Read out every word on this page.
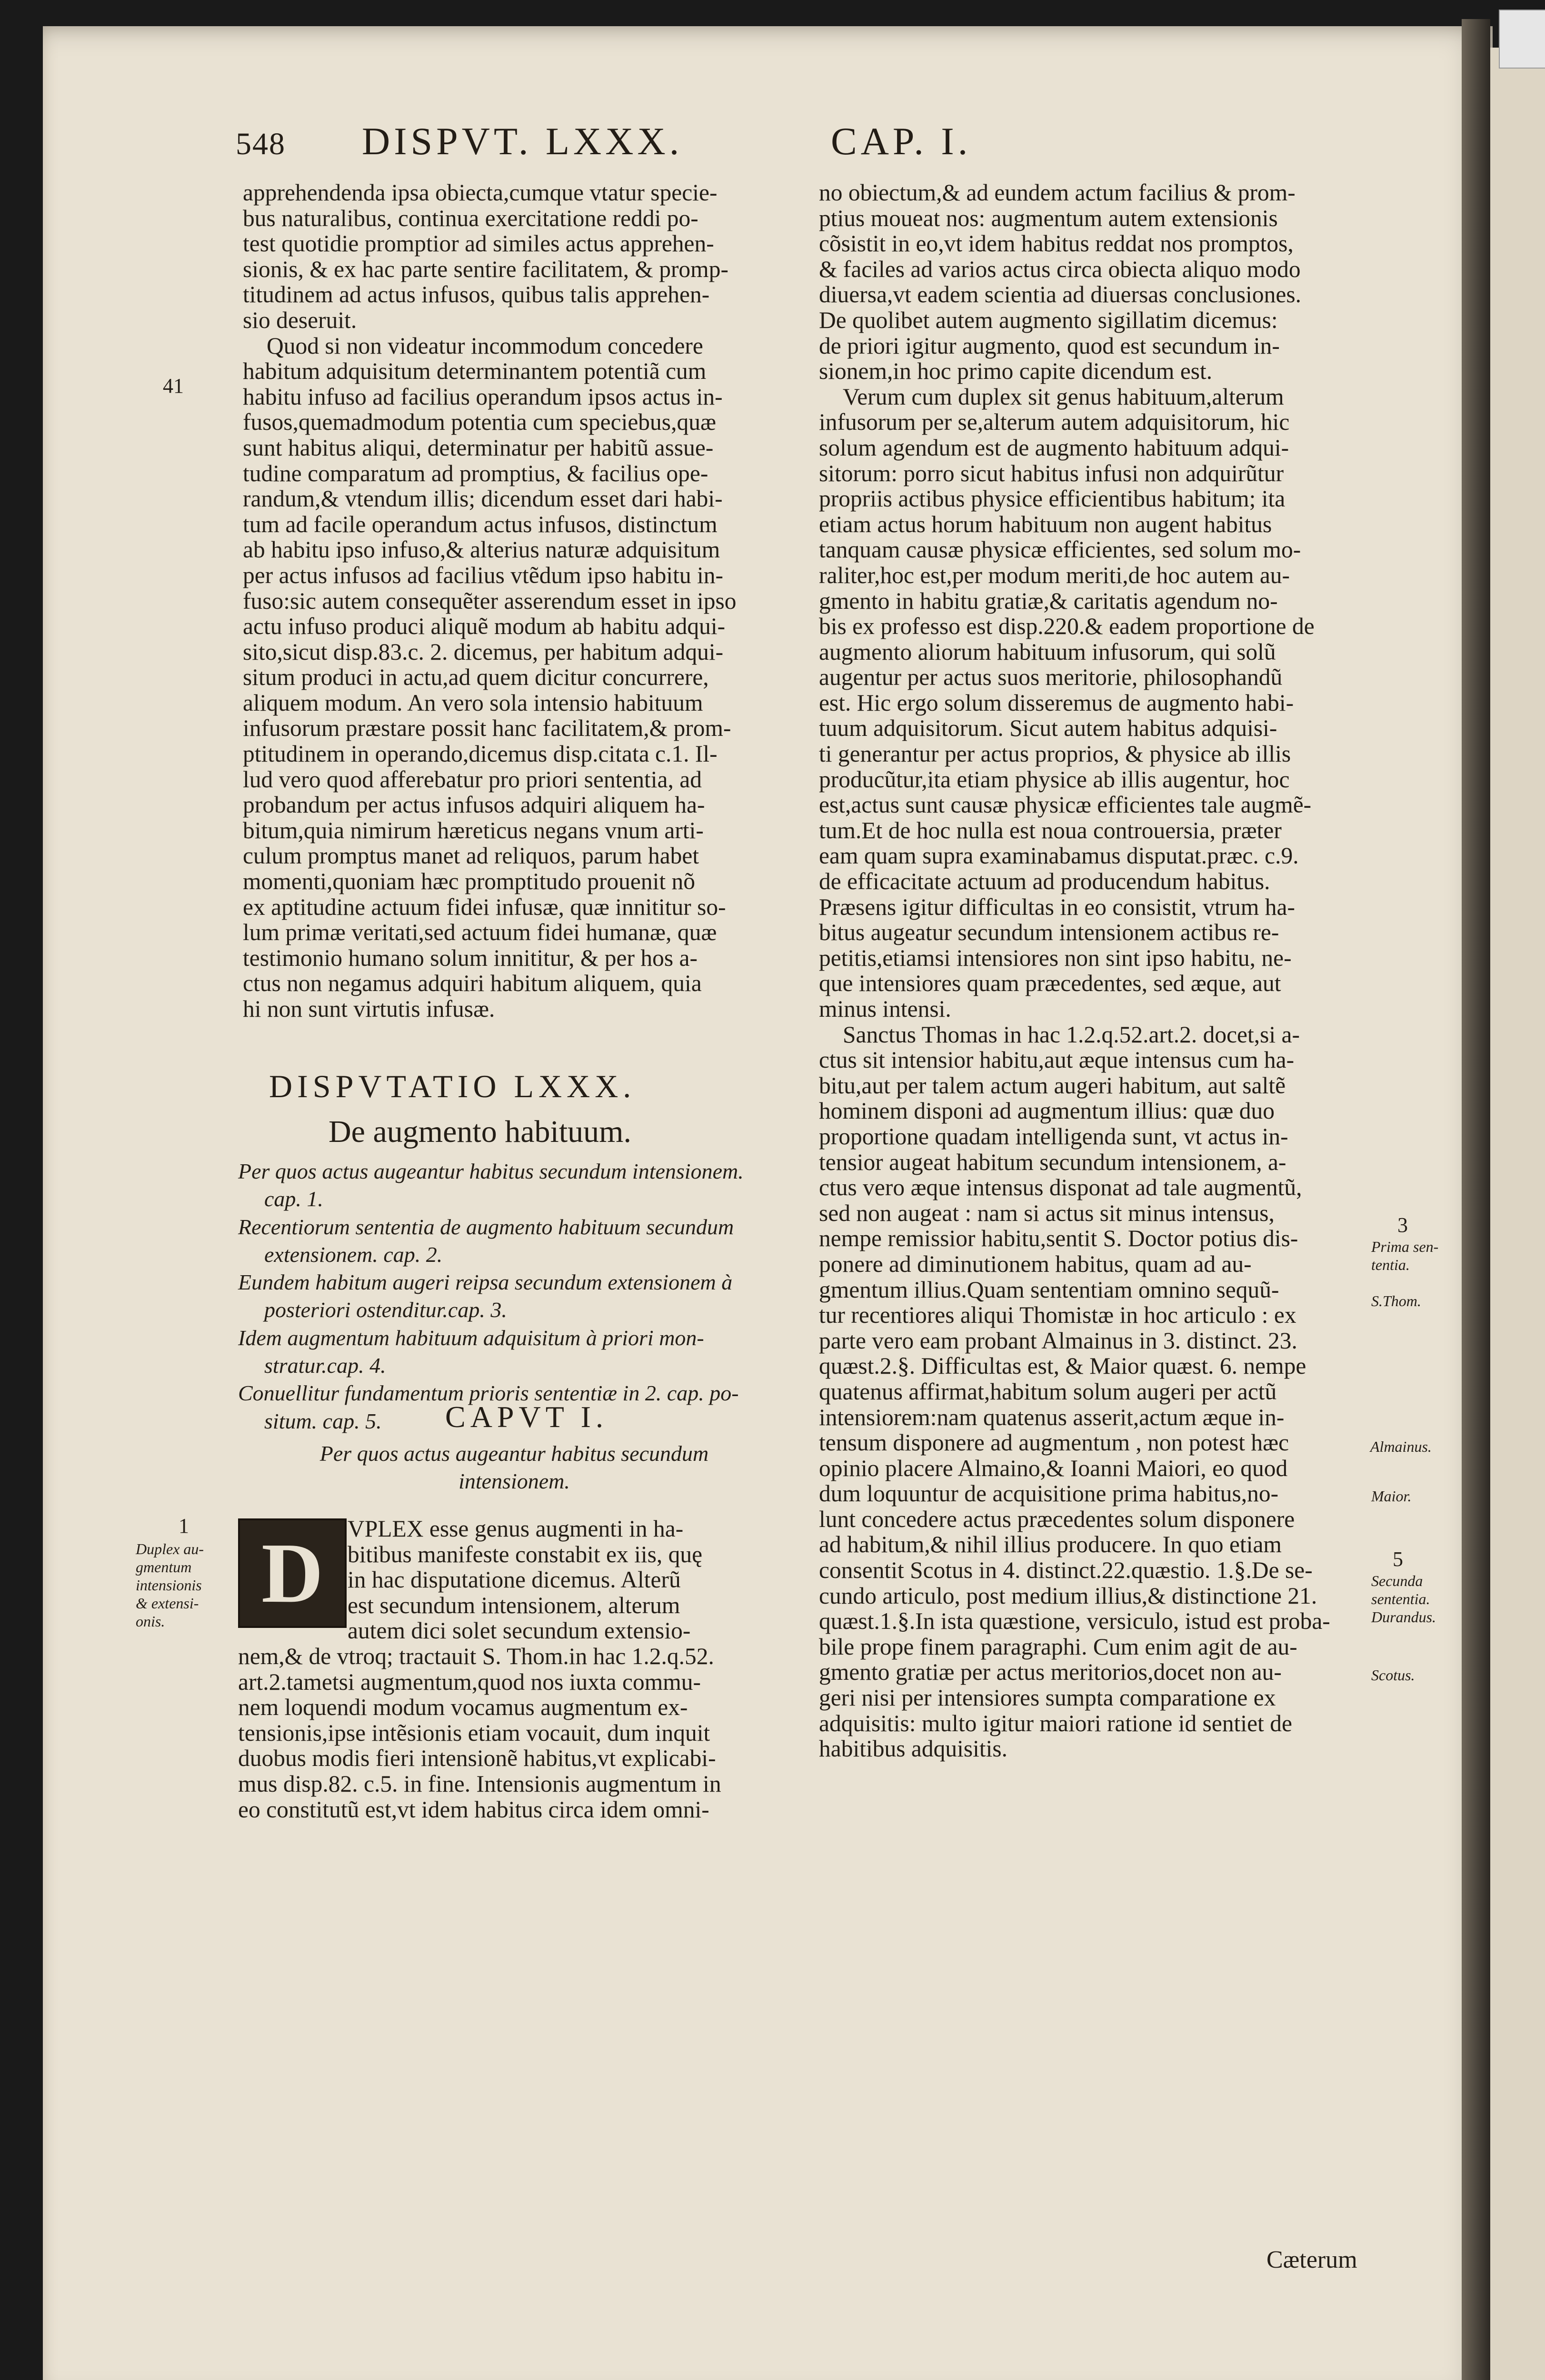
548 DISPVT. LXXX.	CAP. I.
apprehendenda ipsa obiecta,cumque vtatur specie-
bus naturalibus, continua exercitatione reddi po-
test quotidie promptior ad similes actus apprehen-
sionis, & ex hac parte sentire facilitatem, & promp-
titudinem ad actus infusos, quibus talis apprehen-
sio deseruit.
Quod si non videatur incommodum concedere
habitum adquisitum determinantem potentiã cum
habitu infuso ad facilius operandum ipsos actus in-
fusos,quemadmodum potentia cum speciebus,quæ
sunt habitus aliqui, determinatur per habitũ assue-
tudine comparatum ad promptius, & facilius ope-
randum,& vtendum illis; dicendum esset dari habi-
tum ad facile operandum actus infusos, distinctum
ab habitu ipso infuso,& alterius naturæ adquisitum
per actus infusos ad facilius vtẽdum ipso habitu in-
fuso:sic autem consequẽter asserendum esset in ipso
actu infuso produci aliquẽ modum ab habitu adqui-
sito,sicut disp.83.c. 2. dicemus, per habitum adqui-
situm produci in actu,ad quem dicitur concurrere,
aliquem modum. An vero sola intensio habituum
infusorum præstare possit hanc facilitatem,& prom-
ptitudinem in operando,dicemus disp.citata c.1. Il-
lud vero quod afferebatur pro priori sententia, ad
probandum per actus infusos adquiri aliquem ha-
bitum,quia nimirum hæreticus negans vnum arti-
culum promptus manet ad reliquos, parum habet
momenti,quoniam hæc promptitudo prouenit nõ
ex aptitudine actuum fidei infusæ, quæ innititur so-
lum primæ veritati,sed actuum fidei humanæ, quæ
testimonio humano solum innititur, & per hos a-
ctus non negamus adquiri habitum aliquem, quia
hi non sunt virtutis infusæ.
DISPVTATIO LXXX.
De augmento habituum.
Per quos actus augeantur habitus secundum intensionem.
cap. 1.
Recentiorum sententia de augmento habituum secundum
extensionem. cap. 2.
Eundem habitum augeri reipsa secundum extensionem à
posteriori ostenditur.cap. 3.
Idem augmentum habituum adquisitum à priori mon-
stratur.cap. 4.
Conuellitur fundamentum prioris sententiæ in 2. cap. po-
situm. cap. 5.	CAPVT I.
Per quos actus augeantur habitus secundum
intensionem.
D	VPLEX esse genus augmenti in ha-
bitibus manifeste constabit ex iis, quę
in hac disputatione dicemus. Alterũ
est secundum intensionem, alterum
autem dici solet secundum extensio-
nem,& de vtroq; tractauit S. Thom.in hac 1.2.q.52.
art.2.tametsi augmentum,quod nos iuxta commu-
nem loquendi modum vocamus augmentum ex-
tensionis,ipse intẽsionis etiam vocauit, dum inquit
duobus modis fieri intensionẽ habitus,vt explicabi-
mus disp.82. c.5. in fine. Intensionis augmentum in
eo constitutũ est,vt idem habitus circa idem omni-
no obiectum,& ad eundem actum facilius & prom-
ptius moueat nos: augmentum autem extensionis
cõsistit in eo,vt idem habitus reddat nos promptos,
& faciles ad varios actus circa obiecta aliquo modo
diuersa,vt eadem scientia ad diuersas conclusiones.
De quolibet autem augmento sigillatim dicemus:
de priori igitur augmento, quod est secundum in-
sionem,in hoc primo capite dicendum est.
Verum cum duplex sit genus habituum,alterum
infusorum per se,alterum autem adquisitorum, hic
solum agendum est de augmento habituum adqui-
sitorum: porro sicut habitus infusi non adquirũtur
propriis actibus physice efficientibus habitum; ita
etiam actus horum habituum non augent habitus
tanquam causæ physicæ efficientes, sed solum mo-
raliter,hoc est,per modum meriti,de hoc autem au-
gmento in habitu gratiæ,& caritatis agendum no-
bis ex professo est disp.220.& eadem proportione de
augmento aliorum habituum infusorum, qui solũ
augentur per actus suos meritorie, philosophandũ
est. Hic ergo solum disseremus de augmento habi-
tuum adquisitorum. Sicut autem habitus adquisi-
ti generantur per actus proprios, & physice ab illis
producũtur,ita etiam physice ab illis augentur, hoc
est,actus sunt causæ physicæ efficientes tale augmẽ-
tum.Et de hoc nulla est noua controuersia, præter
eam quam supra examinabamus disputat.præc. c.9.
de efficacitate actuum ad producendum habitus.
Præsens igitur difficultas in eo consistit, vtrum ha-
bitus augeatur secundum intensionem actibus re-
petitis,etiamsi intensiores non sint ipso habitu, ne-
que intensiores quam præcedentes, sed æque, aut
minus intensi.
Sanctus Thomas in hac 1.2.q.52.art.2. docet,si a-
ctus sit intensior habitu,aut æque intensus cum ha-
bitu,aut per talem actum augeri habitum, aut saltẽ
hominem disponi ad augmentum illius: quæ duo
proportione quadam intelligenda sunt, vt actus in-
tensior augeat habitum secundum intensionem, a-
ctus vero æque intensus disponat ad tale augmentũ,
sed non augeat : nam si actus sit minus intensus,
nempe remissior habitu,sentit S. Doctor potius dis-
ponere ad diminutionem habitus, quam ad au-
gmentum illius.Quam sententiam omnino sequũ-
tur recentiores aliqui Thomistæ in hoc articulo : ex
parte vero eam probant Almainus in 3. distinct. 23.
quæst.2.§. Difficultas est, & Maior quæst. 6. nempe
quatenus affirmat,habitum solum augeri per actũ
intensiorem:nam quatenus asserit,actum æque in-
tensum disponere ad augmentum , non potest hæc
opinio placere Almaino,& Ioanni Maiori, eo quod
dum loquuntur de acquisitione prima habitus,no-
lunt concedere actus præcedentes solum disponere
ad habitum,& nihil illius producere. In quo etiam
consentit Scotus in 4. distinct.22.quæstio. 1.§.De se-
cundo articulo, post medium illius,& distinctione 21.
quæst.1.§.In ista quæstione, versiculo, istud est proba-
bile prope finem paragraphi. Cum enim agit de au-
gmento gratiæ per actus meritorios,docet non au-
geri nisi per intensiores sumpta comparatione ex
adquisitis: multo igitur maiori ratione id sentiet de
habitibus adquisitis.
41
1
Duplex au-
gmentum
intensionis
& extensi-
onis.
3
Prima sen-
tentia.
S.Thom.
Almainus.
Maior.
5
Secunda
sententia.
Durandus.
Scotus.
Cæterum
